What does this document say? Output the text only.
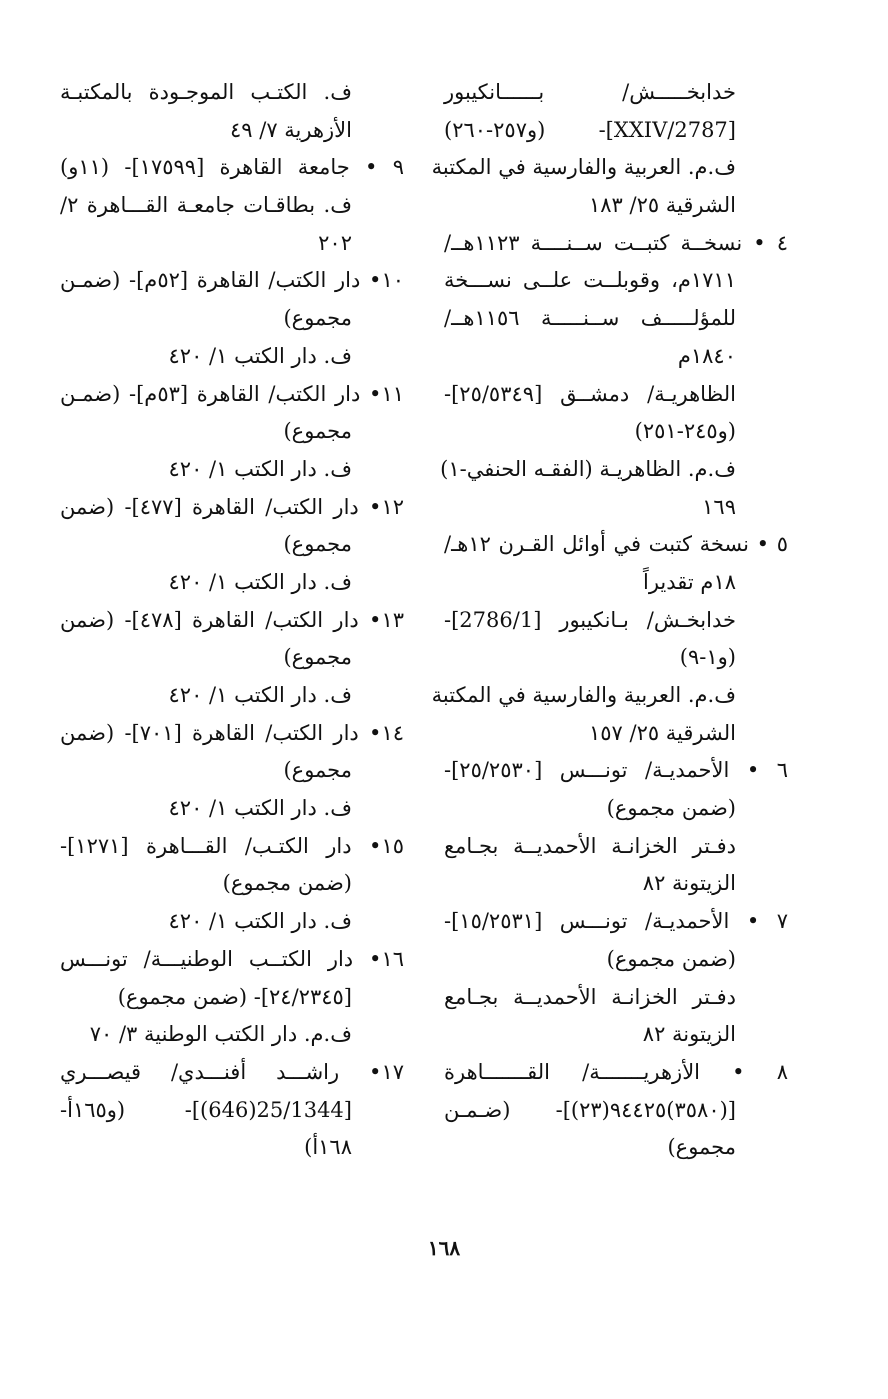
خدابخـــــش/ بــــــانكيبور
[2787/XXIV]- (و٢٥٧-٢٦٠)
ف.م. العربية والفارسية في المكتبة
الشرقية ٢٥/ ١٨٣
٤ • نسخــة كتبــت ســنــــة ١١٢٣هــ/
١٧١١م، وقوبلــت علــى نســـخة
للمؤلـــــف ســنـــــة ١١٥٦هــ/
١٨٤٠م
الظاهريـة/ دمشــق [٢٥/٥٣٤٩]-
(و٢٤٥-٢٥١)
ف.م. الظاهريـة (الفقـه الحنفي-١)
١٦٩
٥ • نسخة كتبت في أوائل القـرن ١٢هـ/
١٨م تقديراً
خدابخـش/ بـانكيبور [2786/1]-
(و١-٩)
ف.م. العربية والفارسية في المكتبة
الشرقية ٢٥/ ١٥٧
٦ • الأحمديـة/ تونـــس [٢٥/٢٥٣٠]-
(ضمن مجموع)
دفـتر الخزانـة الأحمديــة بجـامع
الزيتونة ٨٢
٧ • الأحمديـة/ تونـــس [١٥/٢٥٣١]-
(ضمن مجموع)
دفـتر الخزانـة الأحمديــة بجـامع
الزيتونة ٨٢
٨ • الأزهريـــــــة/ القـــــــاهرة
[(٣٥٨٠)٩٤٤٢٥(٢٣)]- (ضـمـن
مجموع)
ف. الكتـب الموجـودة بالمكتبـة
الأزهرية ٧/ ٤٩
٩ • جامعة القاهرة [١٧٥٩٩]- (١١و)
ف. بطاقـات جامعـة القـــاهرة ٢/
٢٠٢
١٠• دار الكتب/ القاهرة [٥٢م]- (ضمـن
مجموع)
ف. دار الكتب ١/ ٤٢٠
١١• دار الكتب/ القاهرة [٥٣م]- (ضمـن
مجموع)
ف. دار الكتب ١/ ٤٢٠
١٢• دار الكتب/ القاهرة [٤٧٧]- (ضمن
مجموع)
ف. دار الكتب ١/ ٤٢٠
١٣• دار الكتب/ القاهرة [٤٧٨]- (ضمن
مجموع)
ف. دار الكتب ١/ ٤٢٠
١٤• دار الكتب/ القاهرة [٧٠١]- (ضمن
مجموع)
ف. دار الكتب ١/ ٤٢٠
١٥• دار الكتـب/ القـــاهرة [١٢٧١]-
(ضمن مجموع)
ف. دار الكتب ١/ ٤٢٠
١٦• دار الكتــب الوطنيـــة/ تونـــس
[٢٤/٢٣٤٥]- (ضمن مجموع)
ف.م. دار الكتب الوطنية ٣/ ٧٠
١٧• راشـــد أفنـــدي/ قيصـــري
[25/1344(646)]- (و١٦٥أ-
١٦٨أ)
١٦٨
